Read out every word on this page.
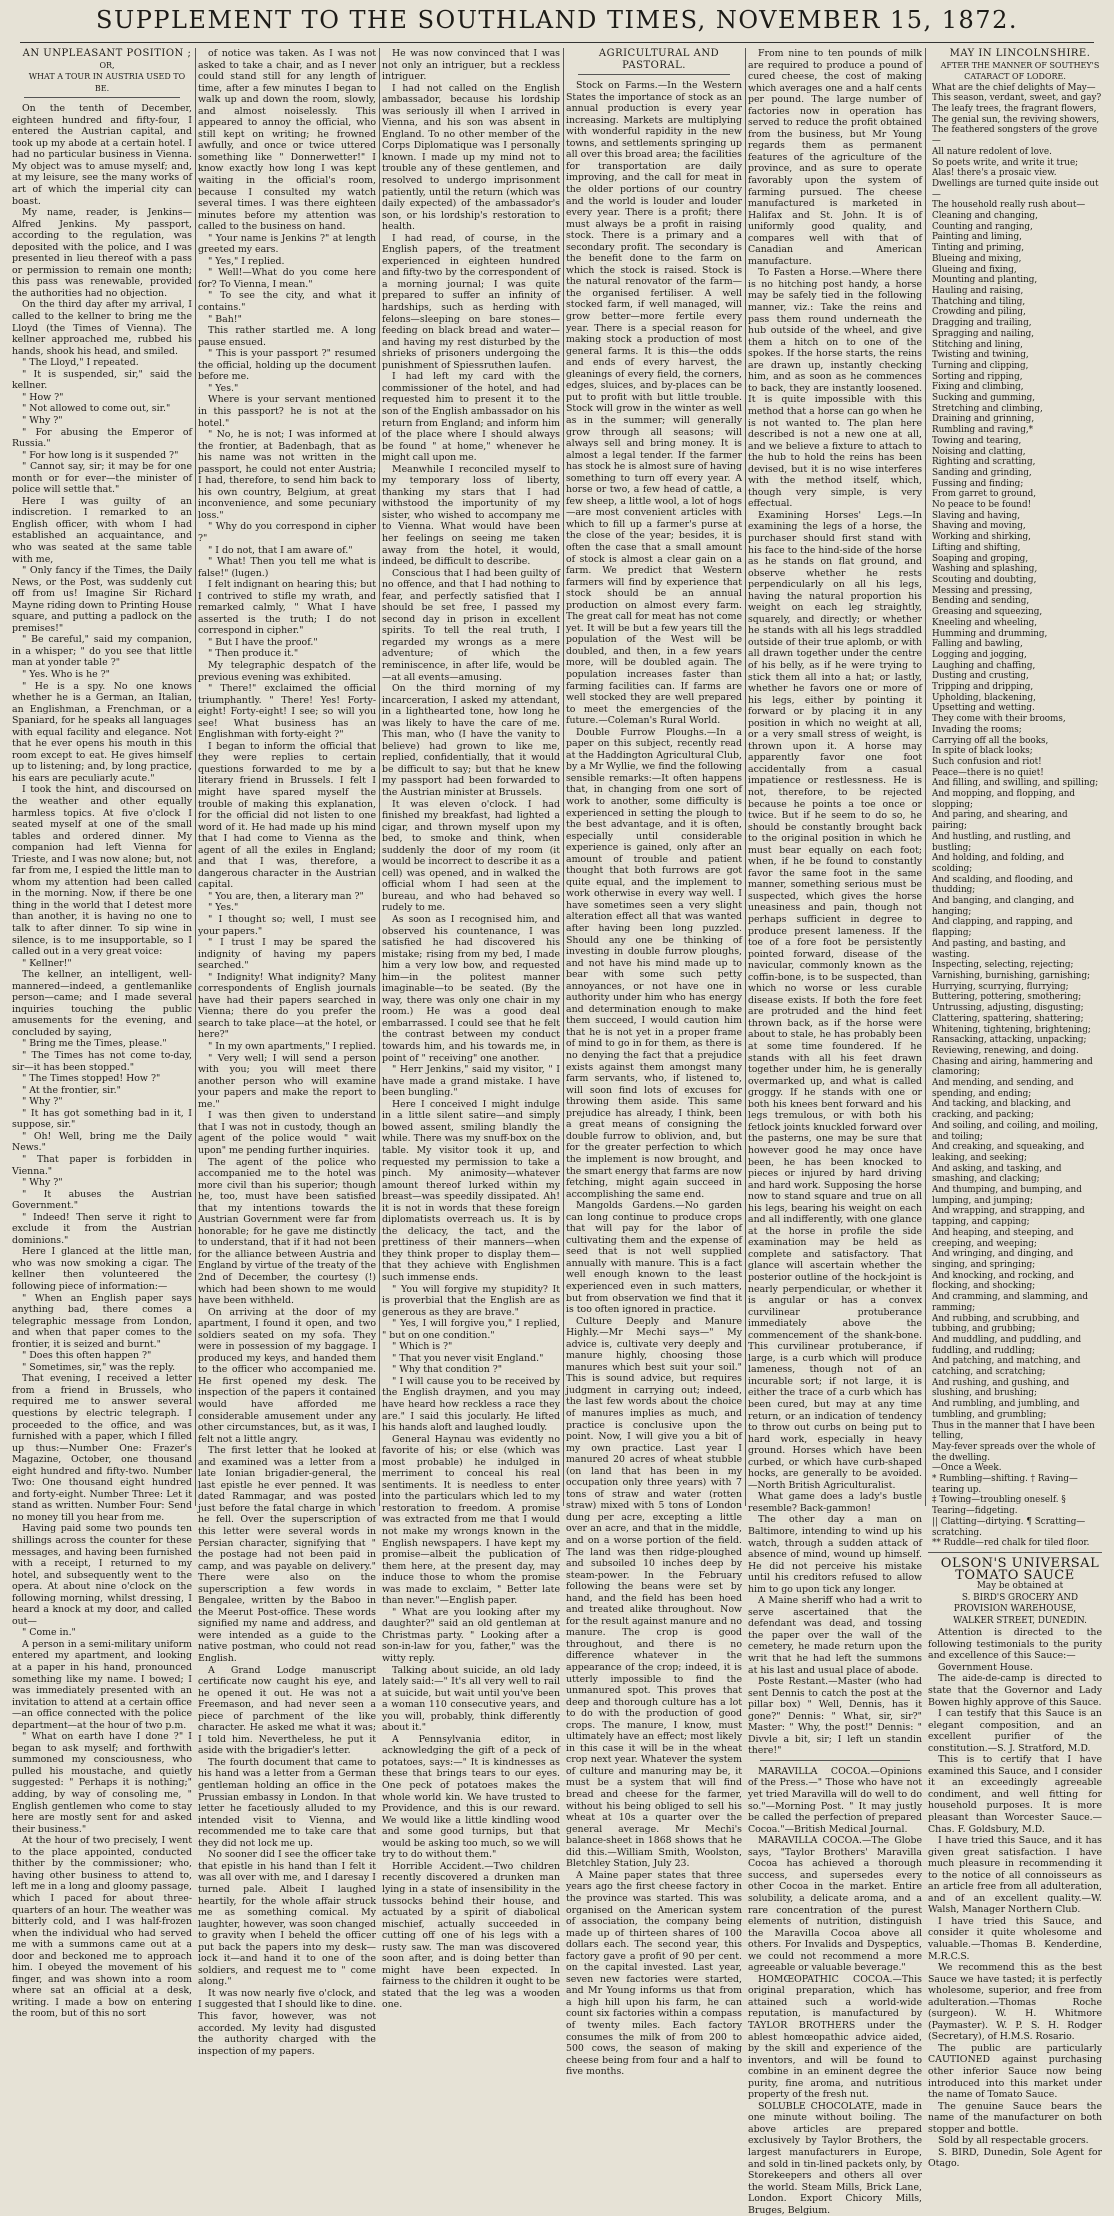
SUPPLEMENT TO THE SOUTHLAND TIMES, NOVEMBER 15, 1872.

AN UNPLEASANT POSITION ;

OR,

WHAT A TOUR IN AUSTRIA USED TO BE.

On the tenth of December, eighteen hundred and fifty-four, I entered the Austrian capital, and took up my abode at a certain hotel. I had no particular business in Vienna. My object was to amuse myself; and, at my leisure, see the many works of art of which the imperial city can boast.

My name, reader, is Jenkins—Alfred Jenkins. My passport, according to the regulation, was deposited with the police, and I was presented in lieu thereof with a pass or permission to remain one month; this pass was renewable, provided the authorities had no objection.

On the third day after my arrival, I called to the kellner to bring me the Lloyd (the Times of Vienna). The kellner approached me, rubbed his hands, shook his head, and smiled.

" The Lloyd," I repeated.

" It is suspended, sir," said the kellner.

" How ?"

" Not allowed to come out, sir."

" Why ?"

" For abusing the Emperor of Russia."

" For how long is it suspended ?"

" Cannot say, sir; it may be for one month or for ever—the minister of police will settle that."

Here I was guilty of an indiscretion. I remarked to an English officer, with whom I had established an acquaintance, and who was seated at the same table with me,

" Only fancy if the Times, the Daily News, or the Post, was suddenly cut off from us! Imagine Sir Richard Mayne riding down to Printing House square, and putting a padlock on the premises!"

" Be careful," said my companion, in a whisper; " do you see that little man at yonder table ?"

" Yes. Who is he ?"

" He is a spy. No one knows whether he is a German, an Italian, an Englishman, a Frenchman, or a Spaniard, for he speaks all languages with equal facility and elegance. Not that he ever opens his mouth in this room except to eat. He gives himself up to listening; and, by long practice, his ears are peculiarly acute."

I took the hint, and discoursed on the weather and other equally harmless topics. At five o'clock I seated myself at one of the small tables and ordered dinner. My companion had left Vienna for Trieste, and I was now alone; but, not far from me, I espied the little man to whom my attention had been called in the morning. Now, if there be one thing in the world that I detest more than another, it is having no one to talk to after dinner. To sip wine in silence, is to me insupportable, so I called out in a very great voice:

" Kellner!"

The kellner, an intelligent, well-mannered—indeed, a gentlemanlike person—came; and I made several inquiries touching the public amusements for the evening, and concluded by saying,

" Bring me the Times, please."

" The Times has not come to-day, sir—it has been stopped."

" The Times stopped! How ?"

" At the frontier, sir."

" Why ?"

" It has got something bad in it, I suppose, sir."

" Oh! Well, bring me the Daily News."

" That paper is forbidden in Vienna."

" Why ?"

" It abuses the Austrian Government."

" Indeed! Then serve it right to exclude it from the Austrian dominions."

Here I glanced at the little man, who was now smoking a cigar. The kellner then volunteered the following piece of information:—

" When an English paper says anything bad, there comes a telegraphic message from London, and when that paper comes to the frontier, it is seized and burnt."

" Does this often happen ?"

" Sometimes, sir," was the reply.

That evening, I received a letter from a friend in Brussels, who required me to answer several questions by electric telegraph. I proceeded to the office, and was furnished with a paper, which I filled up thus:—Number One: Frazer's Magazine, October, one thousand eight hundred and fifty-two. Number Two: One thousand eight hundred and forty-eight. Number Three: Let it stand as written. Number Four: Send no money till you hear from me.

Having paid some two pounds ten shillings across the counter for these messages, and having been furnished with a receipt, I returned to my hotel, and subsequently went to the opera. At about nine o'clock on the following morning, whilst dressing, I heard a knock at my door, and called out—

" Come in."

A person in a semi-military uniform entered my apartment, and looking at a paper in his hand, pronounced something like my name. I bowed; I was immediately presented with an invitation to attend at a certain office—an office connected with the police department—at the hour of two p.m.

" What on earth have I done ?" I began to ask myself; and forthwith summoned my consciousness, who pulled his moustache, and quietly suggested: " Perhaps it is nothing;" adding, by way of consoling me, " English gentlemen who come to stay here are mostly sent for and asked their business."

At the hour of two precisely, I went to the place appointed, conducted thither by the commissioner; who, having other business to attend to, left me in a long and gloomy passage, which I paced for about three-quarters of an hour. The weather was bitterly cold, and I was half-frozen when the individual who had served me with a summons came out at a door and beckoned me to approach him. I obeyed the movement of his finger, and was shown into a room where sat an official at a desk, writing. I made a bow on entering the room, but of this no sort

of notice was taken. As I was not asked to take a chair, and as I never could stand still for any length of time, after a few minutes I began to walk up and down the room, slowly, and almost noiselessly. This appeared to annoy the official, who still kept on writing; he frowned awfully, and once or twice uttered something like " Donnerwetter!" I know exactly how long I was kept waiting in the official's room, because I consulted my watch several times. I was there eighteen minutes before my attention was called to the business on hand.

" Your name is Jenkins ?" at length greeted my ears.

" Yes," I replied.

" Well!—What do you come here for? To Vienna, I mean."

" To see the city, and what it contains."

" Bah!"

This rather startled me. A long pause ensued.

" This is your passport ?" resumed the official, holding up the document before me.

" Yes."

Where is your servant mentioned in this passport? he is not at the hotel."

" No, he is not; I was informed at the frontier, at Badenbagh, that as his name was not written in the passport, he could not enter Austria; I had, therefore, to send him back to his own country, Belgium, at great inconvenience, and some pecuniary loss."

" Why do you correspond in cipher ?"

" I do not, that I am aware of."

" What! Then you tell me what is false!" (lugen.)

I felt indignant on hearing this; but I contrived to stifle my wrath, and remarked calmly, " What I have asserted is the truth; I do not correspond in cipher."

" But I have the proof."

" Then produce it."

My telegraphic despatch of the previous evening was exhibited.

" There!" exclaimed the official triumphantly. " There! Yes! Forty-eight! Forty-eight! I see; so will you see! What business has an Englishman with forty-eight ?"

I began to inform the official that they were replies to certain questions forwarded to me by a literary friend in Brussels. I felt I might have spared myself the trouble of making this explanation, for the official did not listen to one word of it. He had made up his mind that I had come to Vienna as the agent of all the exiles in England; and that I was, therefore, a dangerous character in the Austrian capital.

" You are, then, a literary man ?"

" Yes."

" I thought so; well, I must see your papers."

" I trust I may be spared the indignity of having my papers searched."

" Indignity! What indignity? Many correspondents of English journals have had their papers searched in Vienna; there do you prefer the search to take place—at the hotel, or here?"

" In my own apartments," I replied.

" Very well; I will send a person with you; you will meet there another person who will examine your papers and make the report to me."

I was then given to understand that I was not in custody, though an agent of the police would " wait upon" me pending further inquiries.

The agent of the police who accompanied me to the hotel was more civil than his superior; though he, too, must have been satisfied that my intentions towards the Austrian Government were far from honorable; for he gave me distinctly to understand, that if it had not been for the alliance between Austria and England by virtue of the treaty of the 2nd of December, the courtesy (!) which had been shown to me would have been withheld.

On arriving at the door of my apartment, I found it open, and two soldiers seated on my sofa. They were in possession of my baggage. I produced my keys, and handed them to the officer who accompanied me. He first opened my desk. The inspection of the papers it contained would have afforded me considerable amusement under any other circumstances, but, as it was, I felt not a little angry.

The first letter that he looked at and examined was a letter from a late Ionian brigadier-general, the last epistle he ever penned. It was dated Rammagar, and was posted just before the fatal charge in which he fell. Over the superscription of this letter were several words in Persian character, signifying that " the postage had not been paid in camp, and was payable on delivery." There were also on the superscription a few words in Bengalee, written by the Baboo in the Meerut Post-office. These words signified my name and address, and were intended as a guide to the native postman, who could not read English.

A Grand Lodge manuscript certificate now caught his eye, and he opened it out. He was not a Freemason, and had never seen a piece of parchment of the like character. He asked me what it was; I told him. Nevertheless, he put it aside with the brigadier's letter.

The fourth document that came to his hand was a letter from a German gentleman holding an office in the Prussian embassy in London. In that letter he facetiously alluded to my intended visit to Vienna, and recommended me to take care that they did not lock me up.

No sooner did I see the officer take that epistle in his hand than I felt it was all over with me, and I daresay I turned pale. Albeit I laughed heartily, for the whole affair struck me as something comical. My laughter, however, was soon changed to gravity when I beheld the officer put back the papers into my desk—lock it—and hand it to one of the soldiers, and request me to " come along."

It was now nearly five o'clock, and I suggested that I should like to dine. This favor, however, was not accorded. My levity had disgusted the authority charged with the inspection of my papers.

He was now convinced that I was not only an intriguer, but a reckless intriguer.

I had not called on the English ambassador, because his lordship was seriously ill when I arrived in Vienna, and his son was absent in England. To no other member of the Corps Diplomatique was I personally known. I made up my mind not to trouble any of these gentlemen, and resolved to undergo imprisonment patiently, until the return (which was daily expected) of the ambassador's son, or his lordship's restoration to health.

I had read, of course, in the English papers, of the treatment experienced in eighteen hundred and fifty-two by the correspondent of a morning journal; I was quite prepared to suffer an infinity of hardships, such as herding with felons—sleeping on bare stones—feeding on black bread and water—and having my rest disturbed by the shrieks of prisoners undergoing the punishment of Spiessruthen laufen.

I had left my card with the commissioner of the hotel, and had requested him to present it to the son of the English ambassador on his return from England; and inform him of the place where I should always be found " at home," whenever he might call upon me.

Meanwhile I reconciled myself to my temporary loss of liberty, thanking my stars that I had withstood the importunity of my sister, who wished to accompany me to Vienna. What would have been her feelings on seeing me taken away from the hotel, it would, indeed, be difficult to describe.

Conscious that I had been guilty of no offence, and that I had nothing to fear, and perfectly satisfied that I should be set free, I passed my second day in prison in excellent spirits. To tell the real truth, I regarded my wrongs as a mere adventure; of which the reminiscence, in after life, would be—at all events—amusing.

On the third morning of my incarceration, I asked my attendant, in a lighthearted tone, how long he was likely to have the care of me. This man, who (I have the vanity to believe) had grown to like me, replied, confidentially, that it would be difficult to say; but that he knew my passport had been forwarded to the Austrian minister at Brussels.

It was eleven o'clock. I had finished my breakfast, had lighted a cigar, and thrown myself upon my bed, to smoke and think, when suddenly the door of my room (it would be incorrect to describe it as a cell) was opened, and in walked the official whom I had seen at the bureau, and who had behaved so rudely to me.

As soon as I recognised him, and observed his countenance, I was satisfied he had discovered his mistake; rising from my bed, I made him a very low bow, and requested him—in the politest manner imaginable—to be seated. (By the way, there was only one chair in my room.) He was a good deal embarrassed. I could see that he felt the contrast between my conduct towards him, and his towards me, in point of " receiving" one another.

" Herr Jenkins," said my visitor, " I have made a grand mistake. I have been bungling."

Here I conceived I might indulge in a little silent satire—and simply bowed assent, smiling blandly the while. There was my snuff-box on the table. My visitor took it up, and requested my permission to take a pinch. My animosity—whatever amount thereof lurked within my breast—was speedily dissipated. Ah! it is not in words that these foreign diplomatists overreach us. It is by the delicacy, the tact, and the prettiness of their manners—when they think proper to display them—that they achieve with Englishmen such immense ends.

" You will forgive my stupidity? It is proverbial that the English are as generous as they are brave."

" Yes, I will forgive you," I replied, " but on one condition."

" Which is ?"

" That you never visit England."

" Why that condition ?"

" I will cause you to be received by the English draymen, and you may have heard how reckless a race they are." I said this jocularly. He lifted his hands aloft and laughed loudly.

General Haynau was evidently no favorite of his; or else (which was most probable) he indulged in merriment to conceal his real sentiments. It is needless to enter into the particulars which led to my restoration to freedom. A promise was extracted from me that I would not make my wrongs known in the English newspapers. I have kept my promise—albeit the publication of them here, at the present day, may induce those to whom the promise was made to exclaim, " Better late than never."—English paper.

" What are you looking after my daughter?" said an old gentleman at Christmas party. " Looking after a son-in-law for you, father," was the witty reply.

Talking about suicide, an old lady lately said:—" It's all very well to rail at suicide, but wait until you've been a woman 110 consecutive years, and you will, probably, think differently about it."

A Pennsylvania editor, in acknowledging the gift of a peck of potatoes, says:—" It is kindnesses as these that brings tears to our eyes. One peck of potatoes makes the whole world kin. We have trusted to Providence, and this is our reward. We would like a little kindling wood and some good turnips, but that would be asking too much, so we will try to do without them."

Horrible Accident.—Two children recently discovered a drunken man lying in a state of insensibility in the tussocks behind their house, and actuated by a spirit of diabolical mischief, actually succeeded in cutting off one of his legs with a rusty saw. The man was discovered soon after, and is doing better than might have been expected. In fairness to the children it ought to be stated that the leg was a wooden one.

AGRICULTURAL AND PASTORAL.

Stock on Farms.—In the Western States the importance of stock as an annual production is every year increasing. Markets are multiplying with wonderful rapidity in the new towns, and settlements springing up all over this broad area; the facilities for transportation are daily improving, and the call for meat in the older portions of our country and the world is louder and louder every year. There is a profit; there must always be a profit in raising stock. There is a primary and a secondary profit. The secondary is the benefit done to the farm on which the stock is raised. Stock is the natural renovator of the farm—the organised fertiliser. A well stocked farm, if well managed, will grow better—more fertile every year. There is a special reason for making stock a production of most general farms. It is this—the odds and ends of every harvest, the gleanings of every field, the corners, edges, sluices, and by-places can be put to profit with but little trouble. Stock will grow in the winter as well as in the summer; will generally grow through all seasons; will always sell and bring money. It is almost a legal tender. If the farmer has stock he is almost sure of having something to turn off every year. A horse or two, a few head of cattle, a few sheep, a little wool, a lot of hogs—are most convenient articles with which to fill up a farmer's purse at the close of the year; besides, it is often the case that a small amount of stock is almost a clear gain on a farm. We predict that Western farmers will find by experience that stock should be an annual production on almost every farm. The great call for meat has not come yet. It will be but a few years till the population of the West will be doubled, and then, in a few years more, will be doubled again. The population increases faster than farming facilities can. If farms are well stocked they are well prepared to meet the emergencies of the future.—Coleman's Rural World.

Double Furrow Ploughs.—In a paper on this subject, recently read at the Haddington Agricultural Club, by a Mr Wyllie, we find the following sensible remarks:—It often happens that, in changing from one sort of work to another, some difficulty is experienced in setting the plough to the best advantage, and it is often, especially until considerable experience is gained, only after an amount of trouble and patient thought that both furrows are got quite equal, and the implement to work otherwise in every way well. I have sometimes seen a very slight alteration effect all that was wanted after having been long puzzled. Should any one be thinking of investing in double furrow ploughs, and not have his mind made up to bear with some such petty annoyances, or not have one in authority under him who has energy and determination enough to make them succeed, I would caution him that he is not yet in a proper frame of mind to go in for them, as there is no denying the fact that a prejudice exists against them amongst many farm servants, who, if listened to, will soon find lots of excuses for throwing them aside. This same prejudice has already, I think, been a great means of consigning the double furrow to oblivion, and, but for the greater perfection to which the implement is now brought, and the smart energy that farms are now fetching, might again succeed in accomplishing the same end.

Mangolds Gardens.—No garden can long continue to produce crops that will pay for the labor of cultivating them and the expense of seed that is not well supplied annually with manure. This is a fact well enough known to the least experienced even in such matters, but from observation we find that it is too often ignored in practice.

Culture Deeply and Manure Highly.—Mr Mechi says—" My advice is, cultivate very deeply and manure highly, choosing those manures which best suit your soil." This is sound advice, but requires judgment in carrying out; indeed, the last few words about the choice of manures implies as much, and practice is conclusive upon the point. Now, I will give you a bit of my own practice. Last year I manured 20 acres of wheat stubble (on land that has been in my occupation only three years) with 7 tons of straw and water (rotten straw) mixed with 5 tons of London dung per acre, excepting a little over an acre, and that in the middle, and on a worse portion of the field. The land was then ridge-ploughed and subsoiled 10 inches deep by steam-power. In the February following the beans were set by hand, and the field has been hoed and treated alike throughout. Now for the result against manure and no manure. The crop is good throughout, and there is no difference whatever in the appearance of the crop; indeed, it is utterly impossible to find the unmanured spot. This proves that deep and thorough culture has a lot to do with the production of good crops. The manure, I know, must ultimately have an effect; most likely in this case it will be in the wheat crop next year. Whatever the system of culture and manuring may be, it must be a system that will find bread and cheese for the farmer, without his being obliged to sell his wheat at 10s a quarter over the general average. Mr Mechi's balance-sheet in 1868 shows that he did this.—William Smith, Woolston, Bletchley Station, July 23.

A Maine paper states that three years ago the first cheese factory in the province was started. This was organised on the American system of association, the company being made up of thirteen shares of 100 dollars each. The second year, this factory gave a profit of 90 per cent. on the capital invested. Last year, seven new factories were started, and Mr Young informs us that from a high hill upon his farm, he can count six factories within a compass of twenty miles. Each factory consumes the milk of from 200 to 500 cows, the season of making cheese being from four and a half to five months.

From nine to ten pounds of milk are required to produce a pound of cured cheese, the cost of making which averages one and a half cents per pound. The large number of factories now in operation has served to reduce the profit obtained from the business, but Mr Young regards them as permanent features of the agriculture of the province, and as sure to operate favorably upon the system of farming pursued. The cheese manufactured is marketed in Halifax and St. John. It is of uniformly good quality, and compares well with that of Canadian and American manufacture.

To Fasten a Horse.—Where there is no hitching post handy, a horse may be safely tied in the following manner, viz.: Take the reins and pass them round underneath the hub outside of the wheel, and give them a hitch on to one of the spokes. If the horse starts, the reins are drawn up, instantly checking him, and as soon as he commences to back, they are instantly loosened. It is quite impossible with this method that a horse can go when he is not wanted to. The plan here described is not a new one at all, and we believe a fixture to attach to the hub to hold the reins has been devised, but it is no wise interferes with the method itself, which, though very simple, is very effectual.

Examining Horses' Legs.—In examining the legs of a horse, the purchaser should first stand with his face to the hind-side of the horse as he stands on flat ground, and observe whether he rests perpendicularly on all his legs, having the natural proportion his weight on each leg straightly, squarely, and directly; or whether he stands with all his legs straddled outside of their true aplomb, or with all drawn together under the centre of his belly, as if he were trying to stick them all into a hat; or lastly, whether he favors one or more of his legs, either by pointing it forward or by placing it in any position in which no weight at all, or a very small stress of weight, is thrown upon it. A horse may apparently favor one foot accidentally from a casual impatience or restlessness. He is not, therefore, to be rejected because he points a toe once or twice. But if he seem to do so, he should be constantly brought back to the original position in which he must bear equally on each foot; when, if he be found to constantly favor the same foot in the same manner, something serious must be suspected, which gives the horse uneasiness and pain, though not perhaps sufficient in degree to produce present lameness. If the toe of a fore foot be persistently pointed forward, disease of the navicular, commonly known as the coffin-bone, is to be suspected, than which no worse or less curable disease exists. If both the fore feet are protruded and the hind feet thrown back, as if the horse were about to stale, he has probably been at some time foundered. If he stands with all his feet drawn together under him, he is generally overmarked up, and what is called groggy. If he stands with one or both his knees bent forward and his legs tremulous, or with both his fetlock joints knuckled forward over the pasterns, one may be sure that however good he may once have been, he has been knocked to pieces or injured by hard driving and hard work. Supposing the horse now to stand square and true on all his legs, bearing his weight on each and all indifferently, with one glance at the horse in profile the side examination may be held as complete and satisfactory. That glance will ascertain whether the posterior outline of the hock-joint is nearly perpendicular, or whether it is angular or has a convex curvilinear protuberance immediately above the commencement of the shank-bone. This curvilinear protuberance, if large, is a curb which will produce lameness, though not of an incurable sort; if not large, it is either the trace of a curb which has been cured, but may at any time return, or an indication of tendency to throw out curbs on being put to hard work, especially in heavy ground. Horses which have been curbed, or which have curb-shaped hocks, are generally to be avoided.—North British Agriculturalist.

What game does a lady's bustle resemble? Back-gammon!

The other day a man on Baltimore, intending to wind up his watch, through a sudden attack of absence of mind, wound up himself. He did not perceive his mistake until his creditors refused to allow him to go upon tick any longer.

A Maine sheriff who had a writ to serve ascertained that the defendant was dead, and tossing the paper over the wall of the cemetery, he made return upon the writ that he had left the summons at his last and usual place of abode.

Poste Restant.—Master (who had sent Dennis to catch the post at the pillar box) " Well, Dennis, has it gone?" Dennis: " What, sir, sir?" Master: " Why, the post!" Dennis: " Divvle a bit, sir; I left un standin there!"

MARAVILLA COCOA.—Opinions of the Press.—" Those who have not yet tried Maravilla will do well to do so."—Morning Post. " It may justly be called the perfection of prepared Cocoa."—British Medical Journal.

MARAVILLA COCOA.—The Globe says, "Taylor Brothers' Maravilla Cocoa has achieved a thorough success, and supersedes every other Cocoa in the market. Entire solubility, a delicate aroma, and a rare concentration of the purest elements of nutrition, distinguish the Maravilla Cocoa above all others. For Invalids and Dyspeptics, we could not recommend a more agreeable or valuable beverage."

HOMŒOPATHIC COCOA.—This original preparation, which has attained such a world-wide reputation, is manufactured by TAYLOR BROTHERS under the ablest homœopathic advice aided, by the skill and experience of the inventors, and will be found to combine in an eminent degree the purity, fine aroma, and nutritious property of the fresh nut.

SOLUBLE CHOCOLATE, made in one minute without boiling. The above articles are prepared exclusively by Taylor Brothers, the largest manufacturers in Europe, and sold in tin-lined packets only, by Storekeepers and others all over the world. Steam Mills, Brick Lane, London. Export Chicory Mills, Bruges, Belgium.

MAY IN LINCOLNSHIRE.

AFTER THE MANNER OF SOUTHEY'S CATARACT OF LODORE.

What are the chief delights of May—

This season, verdant, sweet, and gay?

The leafy trees, the fragrant flowers,

The genial sun, the reviving showers,

The feathered songsters of the grove—

All nature redolent of love.

So poets write, and write it true;

Alas! there's a prosaic view.

Dwellings are turned quite inside out—

The household really rush about—

Cleaning and changing,

Counting and ranging,

Painting and liming,

Tinting and priming,

Blueing and mixing,

Glueing and fixing,

Mounting and planting,

Hauling and raising,

Thatching and tiling,

Crowding and piling,

Dragging and trailing,

Spragging and nailing,

Stitching and lining,

Twisting and twining,

Turning and clipping,

Sorting and ripping,

Fixing and climbing,

Sucking and gumming,

Stretching and climbing,

Draining and grinning,

Rumbling and raving,*

Towing and tearing,

Noising and clatting,

Righting and scratting,

Sanding and grinding,

Fussing and finding;

From garret to ground,

No peace to be found!

Slaving and having,

Shaving and moving,

Working and shirking,

Lifting and shifting,

Soaping and groping,

Washing and splashing,

Scouting and doubting,

Messing and pressing,

Bending and sending,

Greasing and squeezing,

Kneeling and wheeling,

Humming and drumming,

Falling and bawling,

Logging and jogging,

Laughing and chaffing,

Dusting and crusting,

Tripping and dripping,

Upholding, blackening,

Upsetting and wetting.

They come with their brooms,

Invading the rooms;

Carrying off all the books,

In spite of black looks;

Such confusion and riot!

Peace—there is no quiet!

And filling, and swilling, and spilling;

And mopping, and flopping, and slopping;

And paring, and shearing, and pairing;

And hustling, and rustling, and bustling;

And holding, and folding, and scolding;

And scalding, and flooding, and thudding;

And banging, and clanging, and hanging;

And clapping, and rapping, and flapping;

And pasting, and basting, and wasting.

Inspecting, selecting, rejecting;

Varnishing, burnishing, garnishing;

Hurrying, scurrying, flurrying;

Buttering, pottering, smothering;

Untrussing, adjusting, disgusting;

Clattering, spattering, shattering;

Whitening, tightening, brightening;

Ransacking, attacking, unpacking;

Reviewing, renewing, and doing.

Chasing and airing, hammering and clamoring;

And mending, and sending, and spending, and ending;

And tacking, and blacking, and cracking, and packing;

And soiling, and coiling, and moiling, and toiling;

And creaking, and squeaking, and leaking, and seeking;

And asking, and tasking, and smashing, and clacking;

And thumping, and bumping, and lumping, and jumping;

And wrapping, and strapping, and tapping, and capping;

And heaping, and steeping, and creeping, and weeping;

And wringing, and dinging, and singing, and springing;

And knocking, and rocking, and flocking, and shocking;

And cramming, and slamming, and ramming;

And rubbing, and scrubbing, and tubbing, and grubbing;

And muddling, and puddling, and fuddling, and ruddling;

And patching, and matching, and catching, and scratching;

And rushing, and gushing, and slushing, and brushing;

And rumbling, and jumbling, and tumbling, and grumbling;

Thus in the manner that I have been telling,

May-fever spreads over the whole of the dwelling.

—Once a Week.

* Rumbling—shifting. † Raving—tearing up.

‡ Towing—troubling oneself. § Tearing—fidgeting.

|| Clatting—dirtying. ¶ Scratting—scratching.

** Ruddle—red chalk for tiled floor.

OLSON'S UNIVERSAL TOMATO SAUCE

May be obtained at

S. BIRD'S GROCERY AND PROVISION WAREHOUSE,

WALKER STREET, DUNEDIN.

Attention is directed to the following testimonials to the purity and excellence of this Sauce:—

Government House.

The aide-de-camp is directed to state that the Governor and Lady Bowen highly approve of this Sauce.

I can testify that this Sauce is an elegant composition, and an excellent purifier of the constitution.—S. J. Stratford, M.D.

This is to certify that I have examined this Sauce, and I consider it an exceedingly agreeable condiment, and well fitting for household purposes. It is more pleasant than Worcester Sauce.—Chas. F. Goldsbury, M.D.

I have tried this Sauce, and it has given great satisfaction. I have much pleasure in recommending it to the notice of all connoisseurs as an article free from all adulteration, and of an excellent quality.—W. Walsh, Manager Northern Club.

I have tried this Sauce, and consider it quite wholesome and valuable.—Thomas B. Kenderdine, M.R.C.S.

We recommend this as the best Sauce we have tasted; it is perfectly wholesome, superior, and free from adulteration.—Thomas Roche (surgeon). W. H. Whitmore (Paymaster). W. P. S. H. Rodger (Secretary), of H.M.S. Rosario.

The public are particularly CAUTIONED against purchasing other inferior Sauce now being introduced into this market under the name of Tomato Sauce.

The genuine Sauce bears the name of the manufacturer on both stopper and bottle.

Sold by all respectable grocers.

S. BIRD, Dunedin, Sole Agent for Otago.
